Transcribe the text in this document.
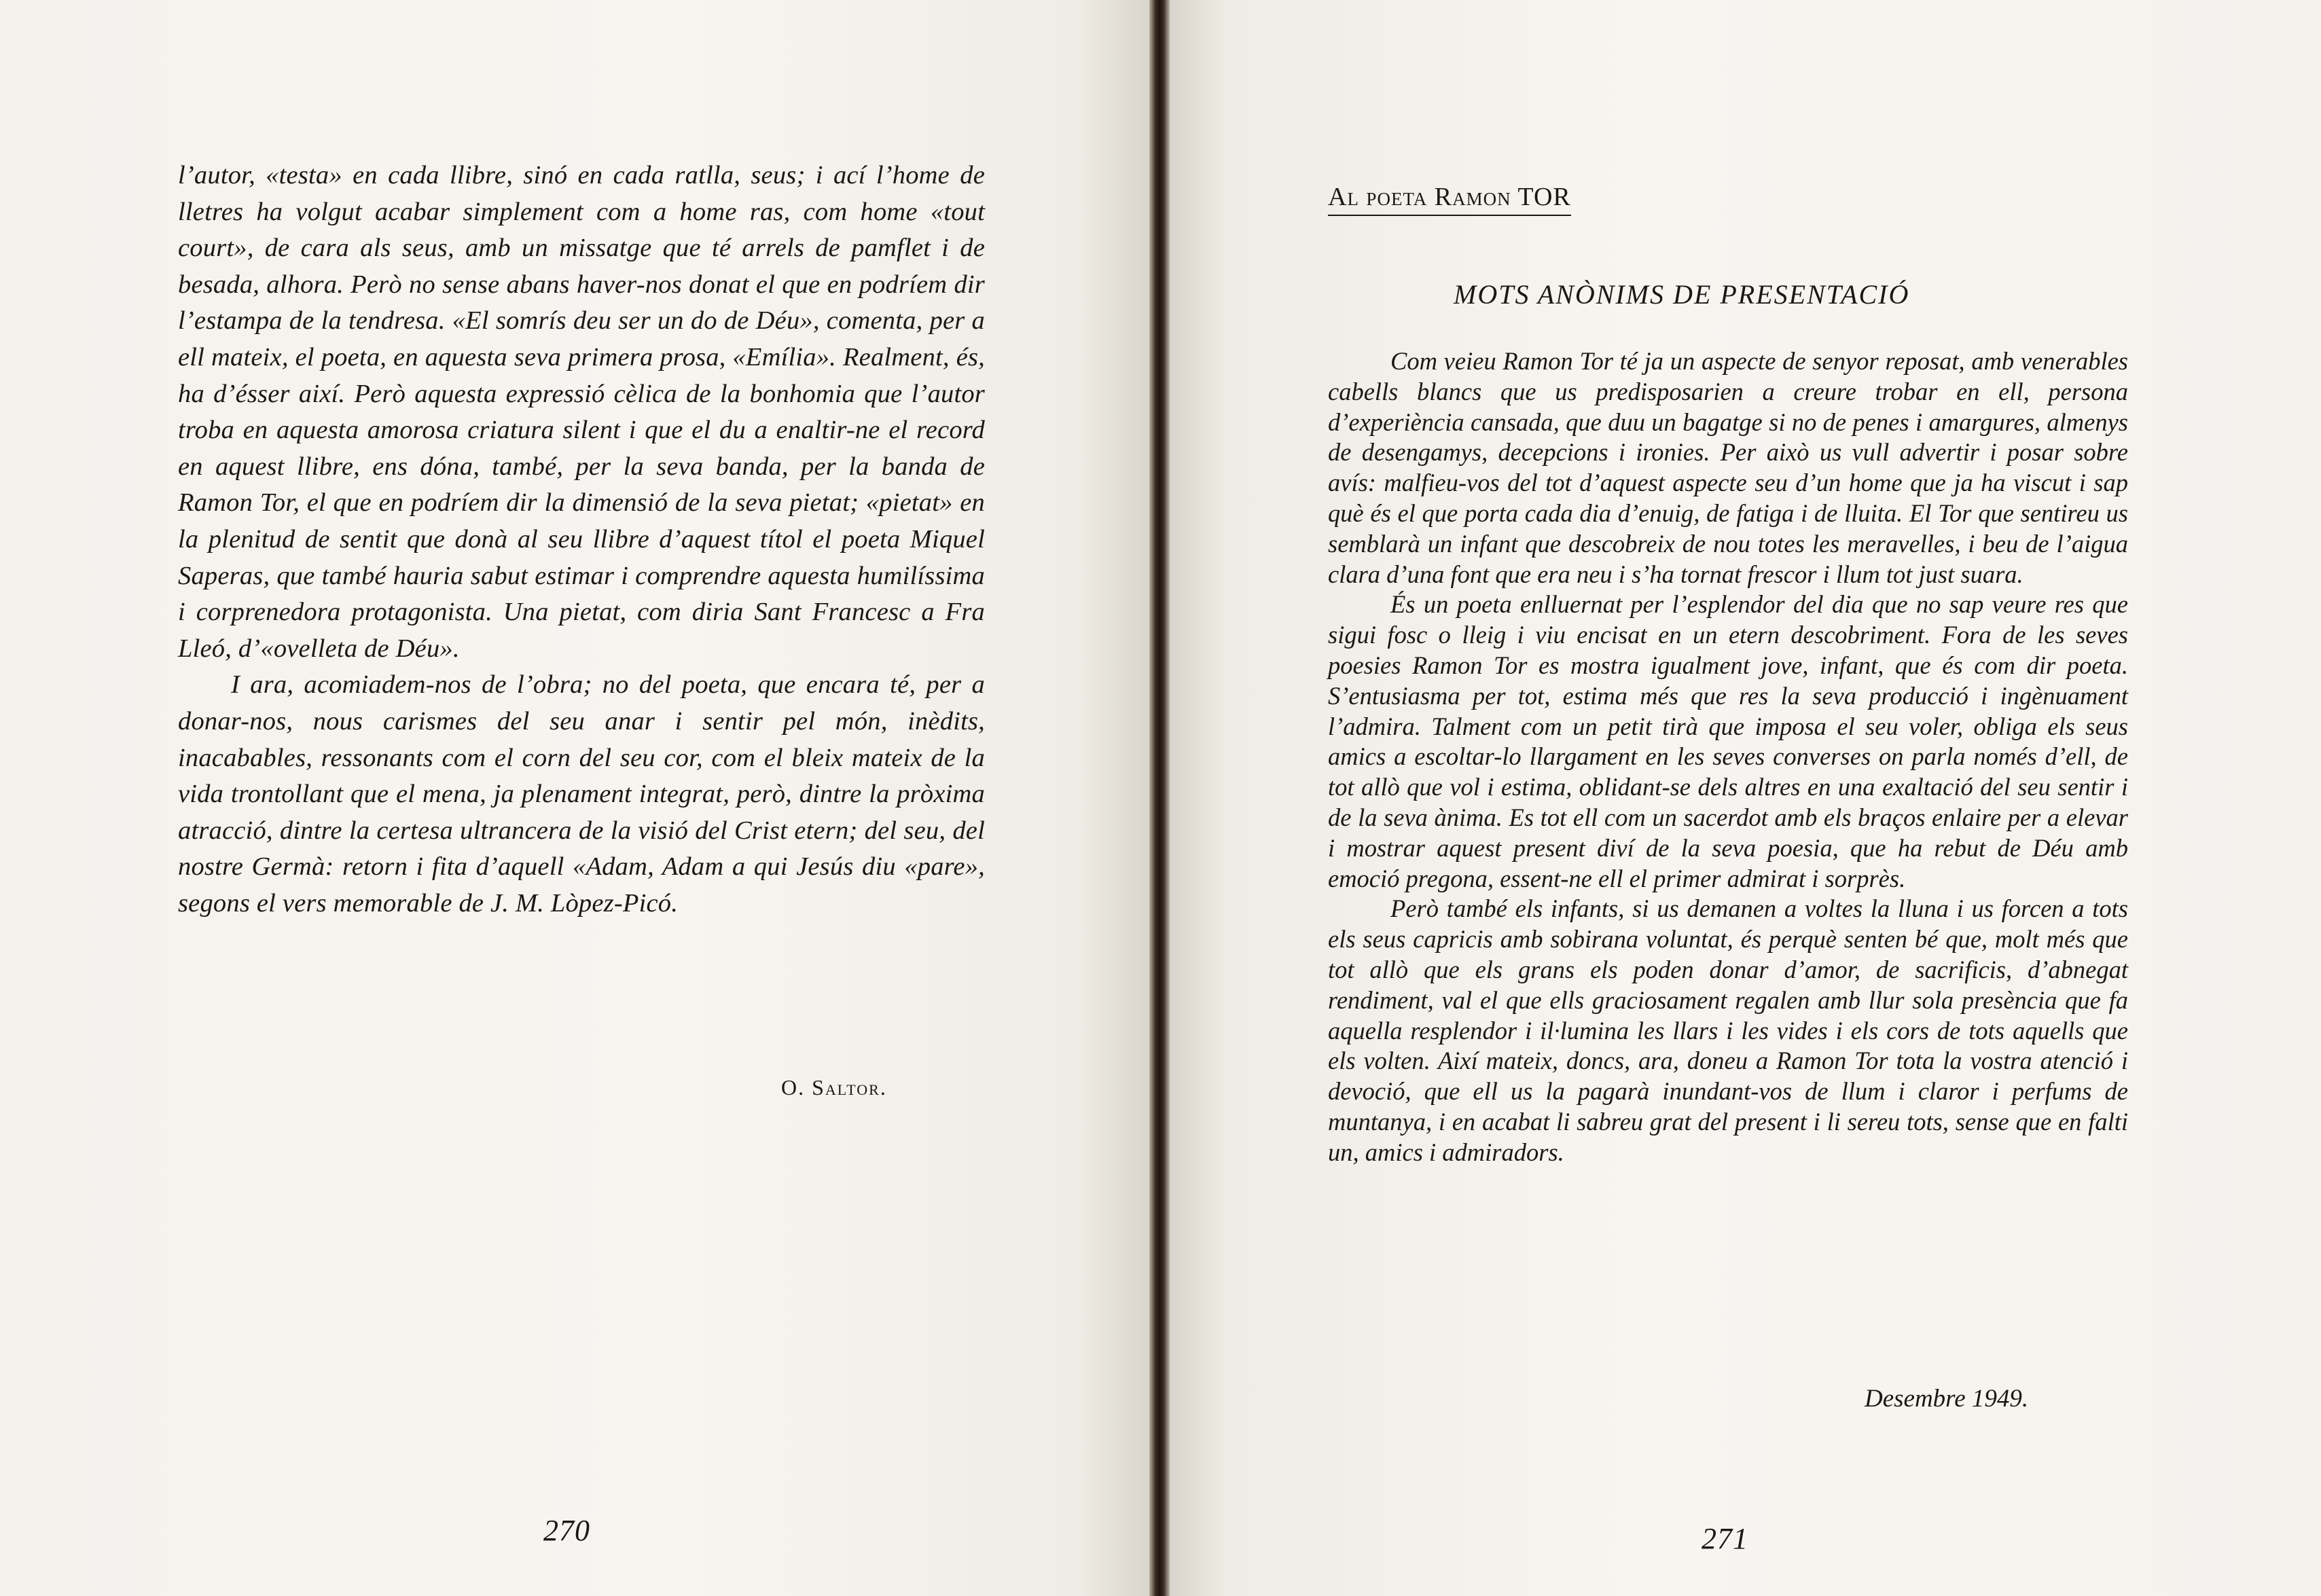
l’autor, «testa» en cada llibre, sinó en cada ratlla, seus; i ací l’home de lletres ha volgut acabar simplement com a home ras, com home «tout court», de cara als seus, amb un missatge que té arrels de pamflet i de besada, alhora. Però no sense abans haver-nos donat el que en podríem dir l’estampa de la tendresa. «El somrís deu ser un do de Déu», comenta, per a ell mateix, el poeta, en aquesta seva primera prosa, «Emília». Realment, és, ha d’ésser així. Però aquesta expressió cèlica de la bonhomia que l’autor troba en aquesta amorosa criatura silent i que el du a enaltir-ne el record en aquest llibre, ens dóna, també, per la seva banda, per la banda de Ramon Tor, el que en podríem dir la dimensió de la seva pietat; «pietat» en la plenitud de sentit que donà al seu llibre d’aquest títol el poeta Miquel Saperas, que també hauria sabut estimar i comprendre aquesta humilíssima i corprenedora protagonista. Una pietat, com diria Sant Francesc a Fra Lleó, d’«ovelleta de Déu».

I ara, acomiadem-nos de l’obra; no del poeta, que encara té, per a donar-nos, nous carismes del seu anar i sentir pel món, inèdits, inacabables, ressonants com el corn del seu cor, com el bleix mateix de la vida trontollant que el mena, ja plenament integrat, però, dintre la pròxima atracció, dintre la certesa ultrancera de la visió del Crist etern; del seu, del nostre Germà: retorn i fita d’aquell «Adam, Adam a qui Jesús diu «pare», segons el vers memorable de J. M. Lòpez-Picó.

O. Saltor.
270
Al poeta Ramon TOR
MOTS ANÒNIMS DE PRESENTACIÓ

Com veieu Ramon Tor té ja un aspecte de senyor reposat, amb venerables cabells blancs que us predisposarien a creure trobar en ell, persona d’experiència cansada, que duu un bagatge si no de penes i amargures, almenys de desengamys, decepcions i ironies. Per això us vull advertir i posar sobre avís: malfieu-vos del tot d’aquest aspecte seu d’un home que ja ha viscut i sap què és el que porta cada dia d’enuig, de fatiga i de lluita. El Tor que sentireu us semblarà un infant que descobreix de nou totes les meravelles, i beu de l’aigua clara d’una font que era neu i s’ha tornat frescor i llum tot just suara.

És un poeta enlluernat per l’esplendor del dia que no sap veure res que sigui fosc o lleig i viu encisat en un etern descobriment. Fora de les seves poesies Ramon Tor es mostra igualment jove, infant, que és com dir poeta. S’entusiasma per tot, estima més que res la seva producció i ingènuament l’admira. Talment com un petit tirà que imposa el seu voler, obliga els seus amics a escoltar-lo llargament en les seves converses on parla només d’ell, de tot allò que vol i estima, oblidant-se dels altres en una exaltació del seu sentir i de la seva ànima. Es tot ell com un sacerdot amb els braços enlaire per a elevar i mostrar aquest present diví de la seva poesia, que ha rebut de Déu amb emoció pregona, essent-ne ell el primer admirat i sorprès.

Però també els infants, si us demanen a voltes la lluna i us forcen a tots els seus capricis amb sobirana voluntat, és perquè senten bé que, molt més que tot allò que els grans els poden donar d’amor, de sacrificis, d’abnegat rendiment, val el que ells graciosament regalen amb llur sola presència que fa aquella resplendor i il·lumina les llars i les vides i els cors de tots aquells que els volten. Així mateix, doncs, ara, doneu a Ramon Tor tota la vostra atenció i devoció, que ell us la pagarà inundant-vos de llum i claror i perfums de muntanya, i en acabat li sabreu grat del present i li sereu tots, sense que en falti un, amics i admiradors.

Desembre 1949.
271
